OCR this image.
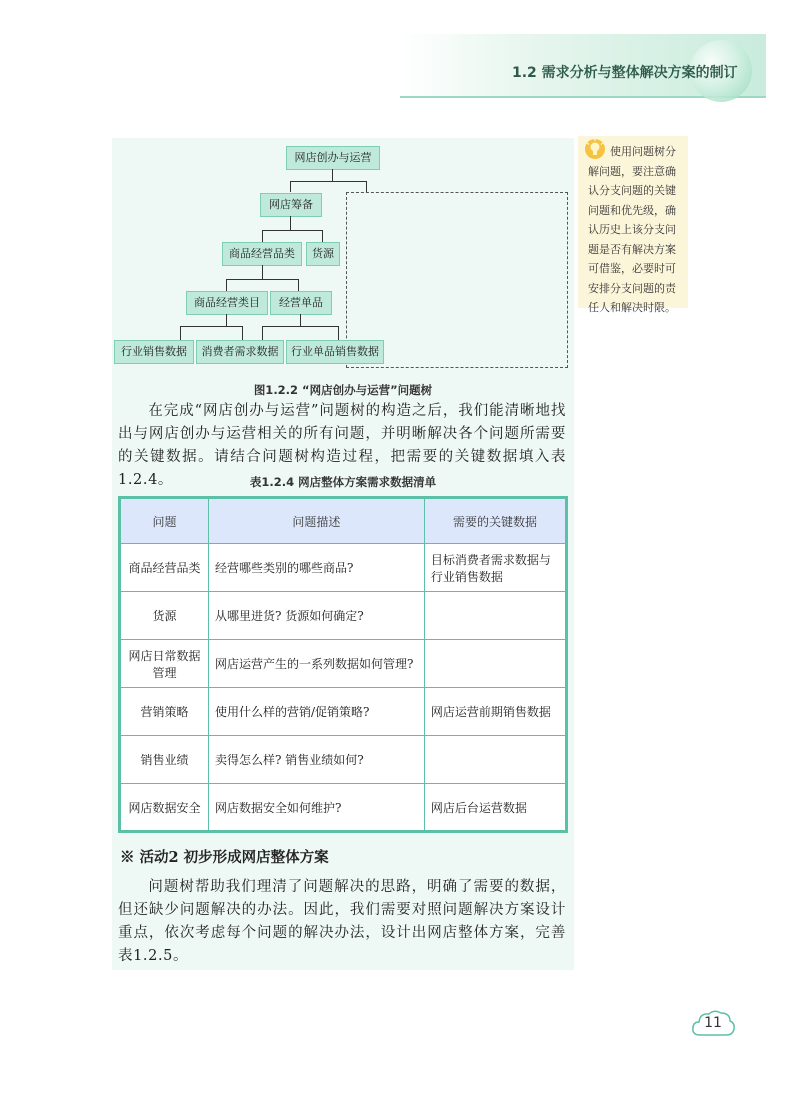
1.2 需求分析与整体解决方案的制订
网店创办与运营
网店筹备
商品经营品类	货源
商品经营类目	经营单品
行业销售数据	消费者需求数据	行业单品销售数据
图1.2.2 “网店创办与运营”问题树
在完成“网店创办与运营”问题树的构造之后，我们能清晰地找出与网店创办与运营相关的所有问题，并明晰解决各个问题所需要的关键数据。请结合问题树构造过程，把需要的关键数据填入表1.2.4。	表1.2.4 网店整体方案需求数据清单
问题	问题描述	需要的关键数据
商品经营品类	经营哪些类别的哪些商品?	目标消费者需求数据与行业销售数据
货源	从哪里进货? 货源如何确定?	
网店日常数据管理	网店运营产生的一系列数据如何管理?	
营销策略	使用什么样的营销/促销策略?	网店运营前期销售数据
销售业绩	卖得怎么样? 销售业绩如何?	
网店数据安全	网店数据安全如何维护?	网店后台运营数据
※ 活动2 初步形成网店整体方案
问题树帮助我们理清了问题解决的思路，明确了需要的数据，但还缺少问题解决的办法。因此，我们需要对照问题解决方案设计重点，依次考虑每个问题的解决办法，设计出网店整体方案，完善表1.2.5。
使用问题树分解问题，要注意确认分支问题的关键问题和优先级，确认历史上该分支问题是否有解决方案可借鉴，必要时可安排分支问题的责任人和解决时限。
11
